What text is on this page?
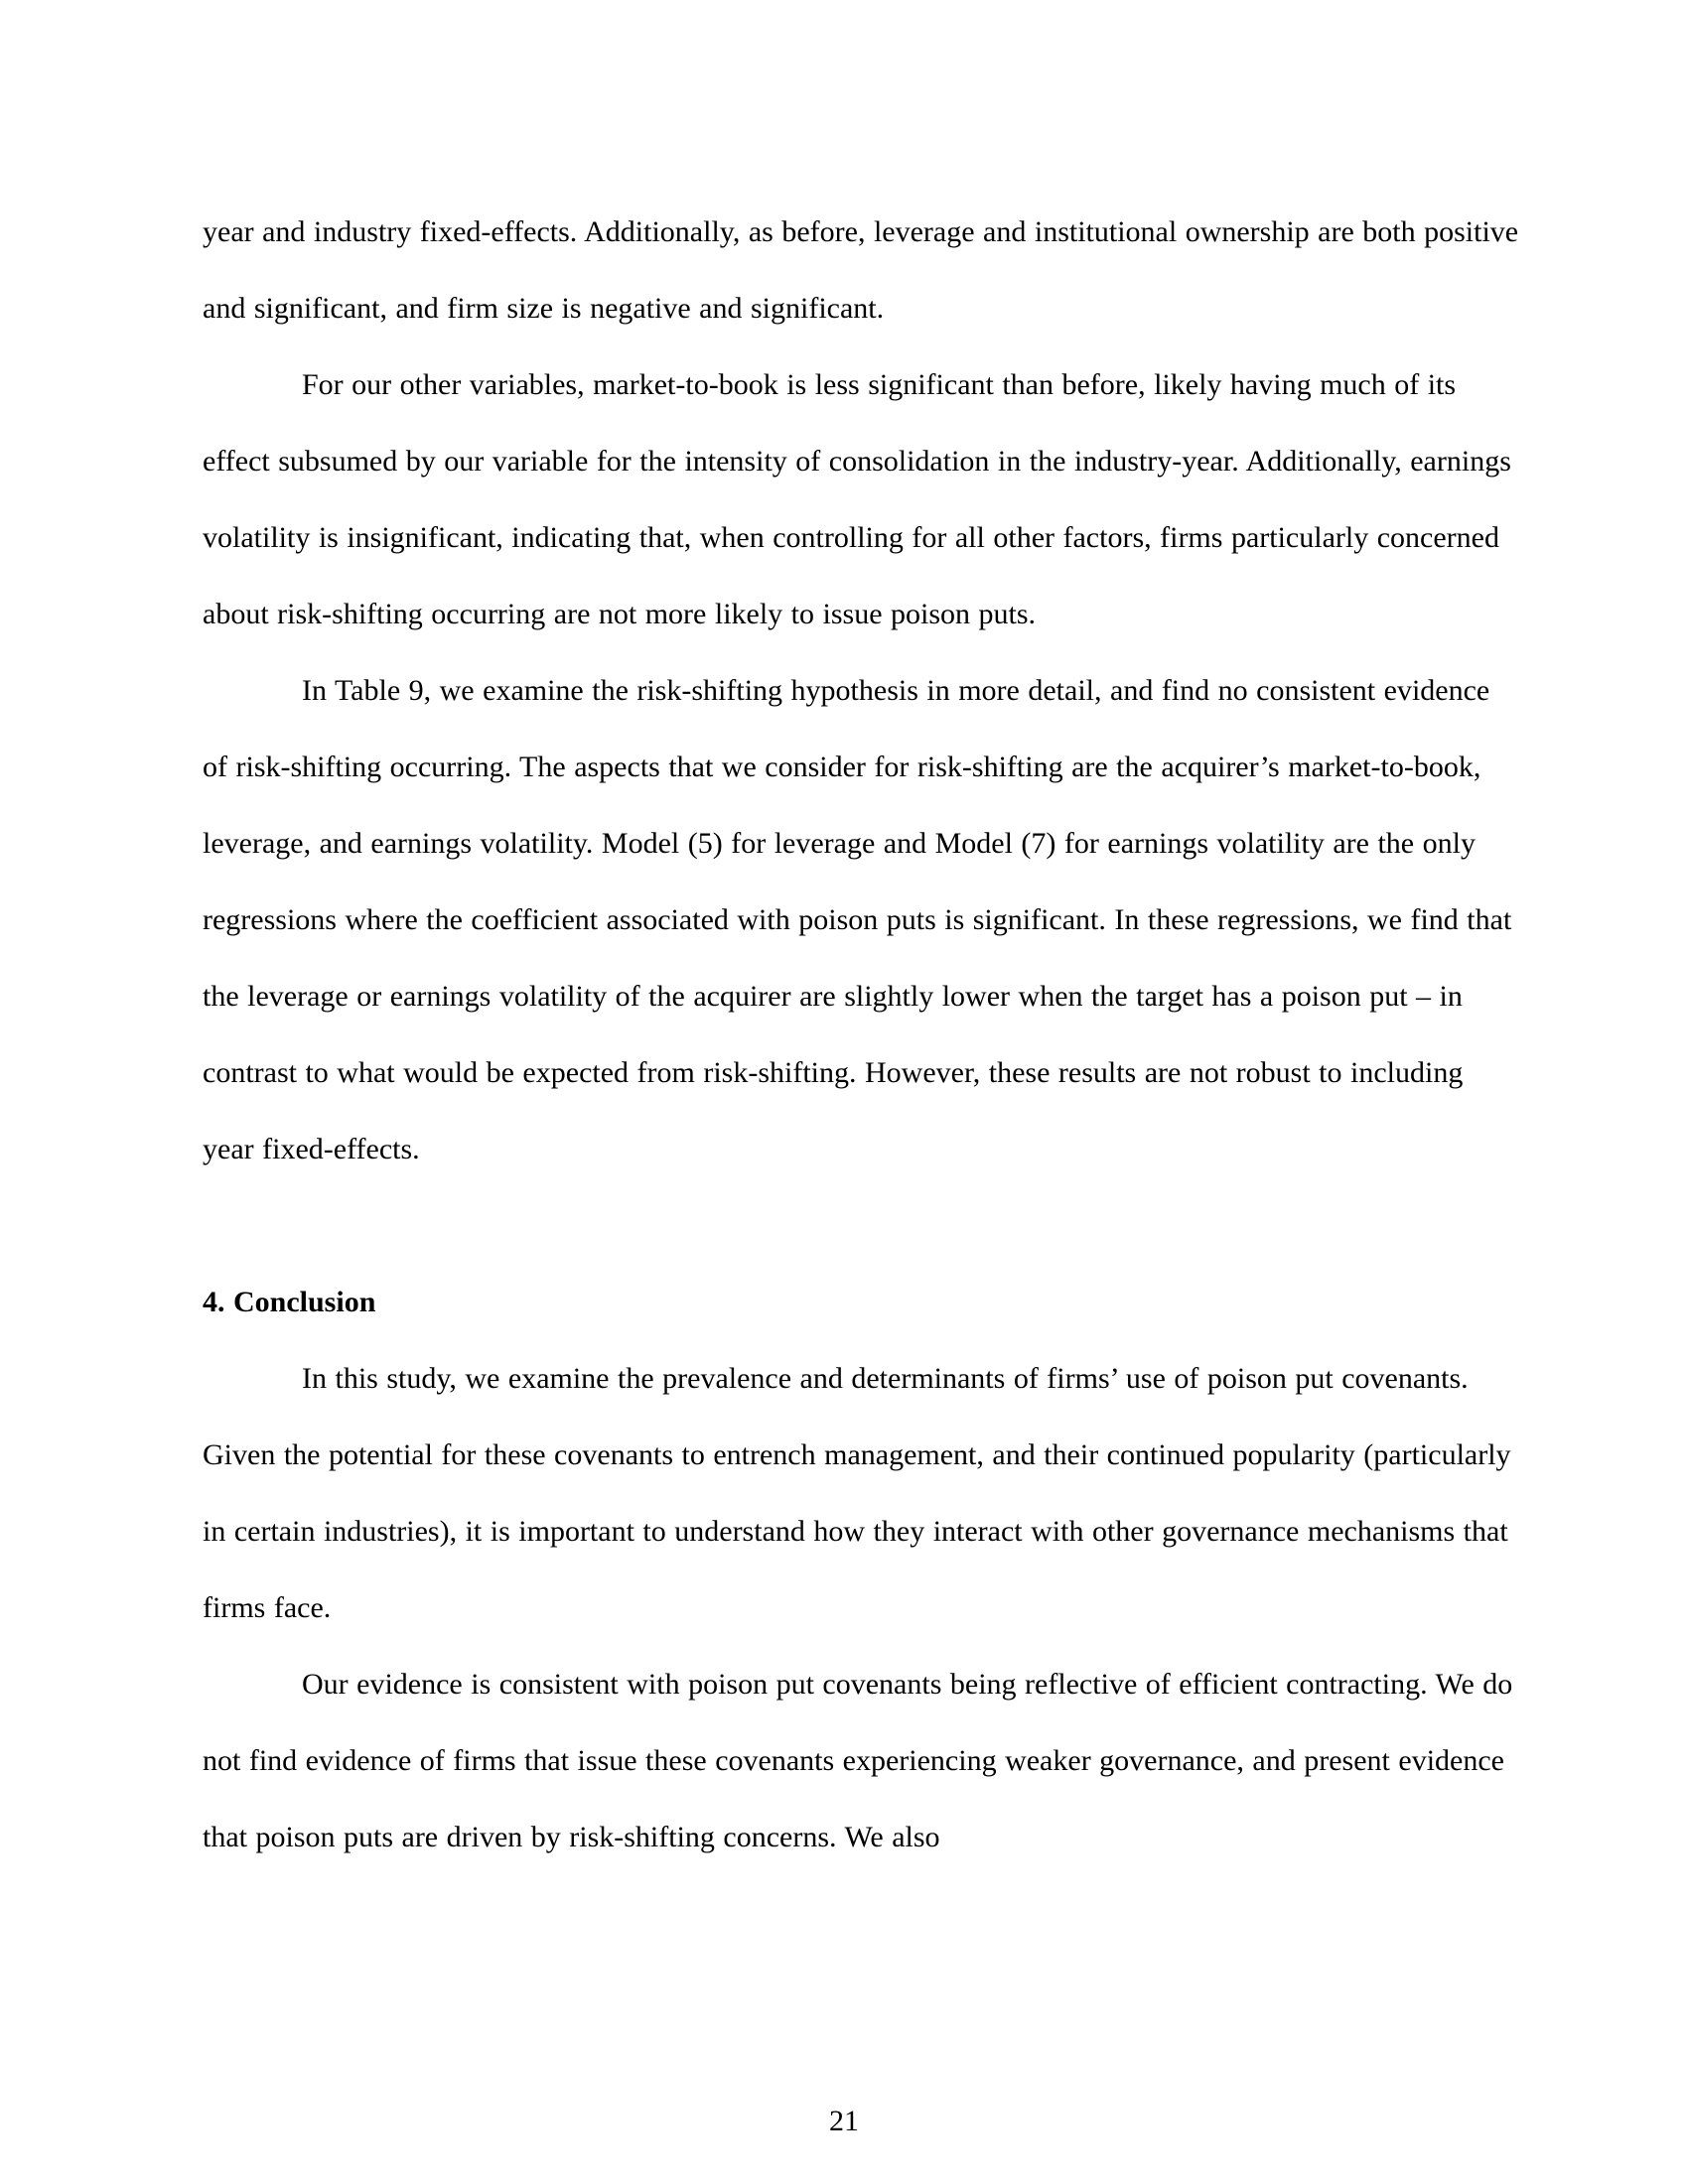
year and industry fixed-effects. Additionally, as before, leverage and institutional ownership are both positive and significant, and firm size is negative and significant.

For our other variables, market-to-book is less significant than before, likely having much of its effect subsumed by our variable for the intensity of consolidation in the industry-year. Additionally, earnings volatility is insignificant, indicating that, when controlling for all other factors, firms particularly concerned about risk-shifting occurring are not more likely to issue poison puts.

In Table 9, we examine the risk-shifting hypothesis in more detail, and find no consistent evidence of risk-shifting occurring. The aspects that we consider for risk-shifting are the acquirer’s market-to-book, leverage, and earnings volatility. Model (5) for leverage and Model (7) for earnings volatility are the only regressions where the coefficient associated with poison puts is significant. In these regressions, we find that the leverage or earnings volatility of the acquirer are slightly lower when the target has a poison put – in contrast to what would be expected from risk-shifting. However, these results are not robust to including year fixed-effects.

4. Conclusion

In this study, we examine the prevalence and determinants of firms’ use of poison put covenants. Given the potential for these covenants to entrench management, and their continued popularity (particularly in certain industries), it is important to understand how they interact with other governance mechanisms that firms face.

Our evidence is consistent with poison put covenants being reflective of efficient contracting. We do not find evidence of firms that issue these covenants experiencing weaker governance, and present evidence that poison puts are driven by risk-shifting concerns. We also

21
